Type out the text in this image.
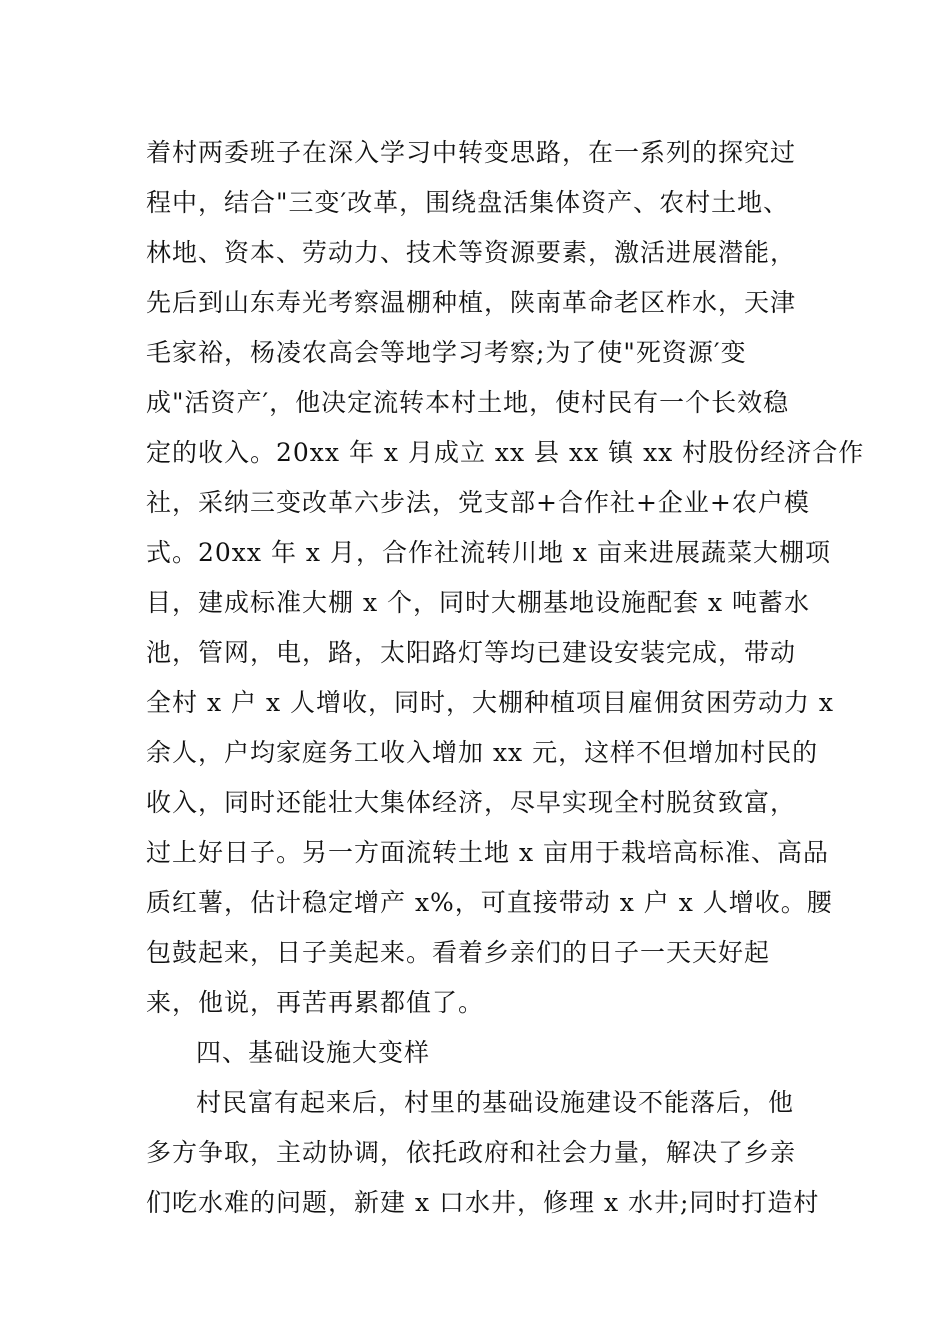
着村两委班子在深入学习中转变思路，在一系列的探究过
程中，结合"三变′改革，围绕盘活集体资产、农村土地、
林地、资本、劳动力、技术等资源要素，激活进展潜能，
先后到山东寿光考察温棚种植，陕南革命老区柞水，天津
毛家裕，杨凌农高会等地学习考察;为了使"死资源′变
成"活资产′，他决定流转本村土地，使村民有一个长效稳
定的收入。20xx 年 x 月成立 xx 县 xx 镇 xx 村股份经济合作
社，采纳三变改革六步法，党支部+合作社+企业+农户模
式。20xx 年 x 月，合作社流转川地 x 亩来进展蔬菜大棚项
目，建成标准大棚 x 个，同时大棚基地设施配套 x 吨蓄水
池，管网，电，路，太阳路灯等均已建设安装完成，带动
全村 x 户 x 人增收，同时，大棚种植项目雇佣贫困劳动力 x
余人，户均家庭务工收入增加 xx 元，这样不但增加村民的
收入，同时还能壮大集体经济，尽早实现全村脱贫致富，
过上好日子。另一方面流转土地 x 亩用于栽培高标准、高品
质红薯，估计稳定增产 x%，可直接带动 x 户 x 人增收。腰
包鼓起来，日子美起来。看着乡亲们的日子一天天好起
来，他说，再苦再累都值了。
四、基础设施大变样
村民富有起来后，村里的基础设施建设不能落后，他
多方争取，主动协调，依托政府和社会力量，解决了乡亲
们吃水难的问题，新建 x 口水井，修理 x 水井;同时打造村
